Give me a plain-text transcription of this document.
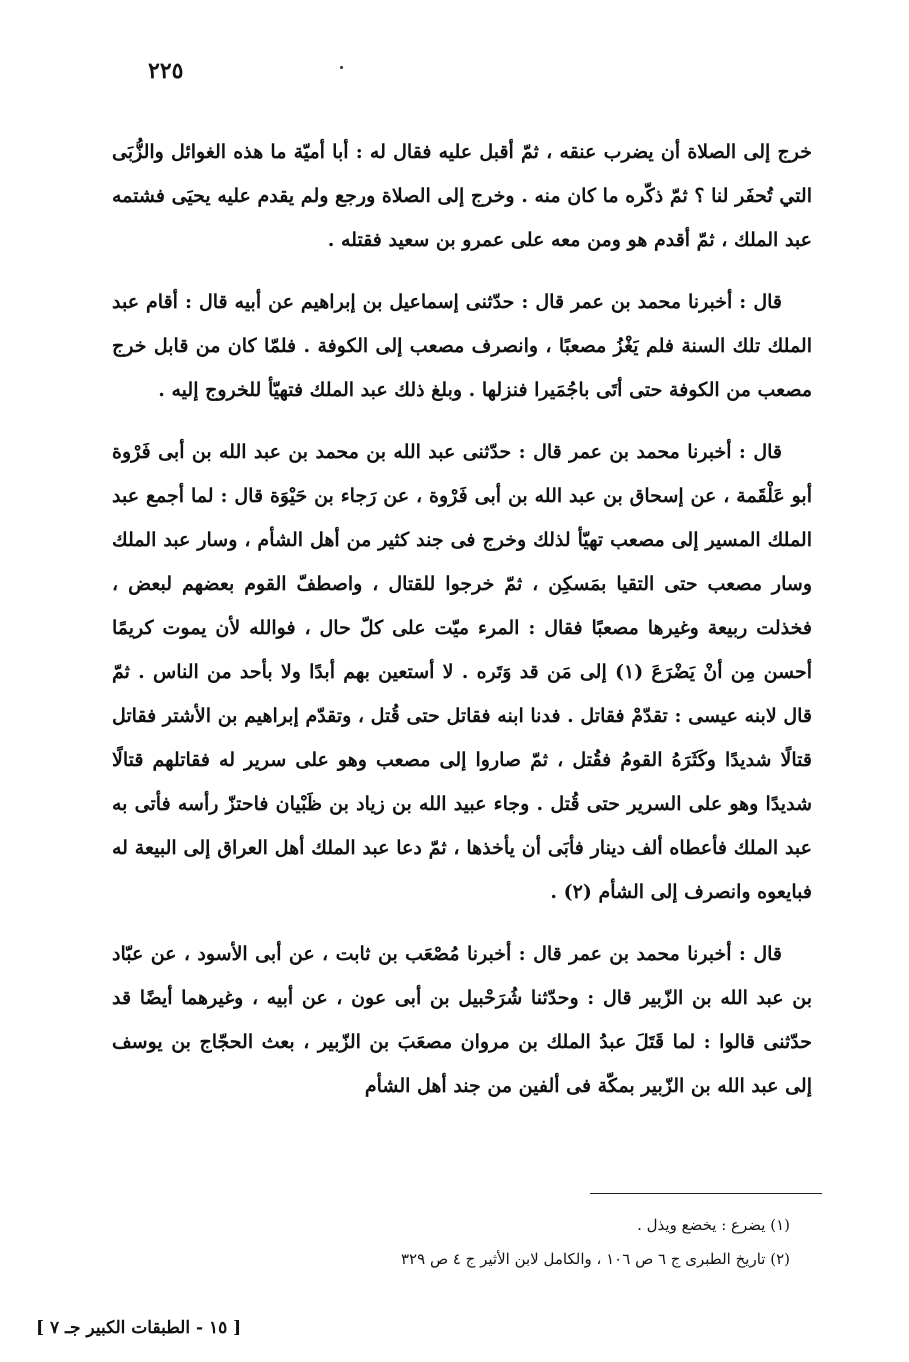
٢٢٥

خرج إلى الصلاة أن يضرب عنقه ، ثمّ أقبل عليه فقال له : أبا أميّة ما هذه الغوائل والزُّبَى التي تُحفَر لنا ؟ ثمّ ذكّره ما كان منه . وخرج إلى الصلاة ورجع ولم يقدم عليه يحيَى فشتمه عبد الملك ، ثمّ أقدم هو ومن معه على عمرو بن سعيد فقتله .

قال : أخبرنا محمد بن عمر قال : حدّثنى إسماعيل بن إبراهيم عن أبيه قال : أقام عبد الملك تلك السنة فلم يَغْزُ مصعبًا ، وانصرف مصعب إلى الكوفة . فلمّا كان من قابل خرج مصعب من الكوفة حتى أتَى باجُمَيرا فنزلها . وبلغ ذلك عبد الملك فتهيّأ للخروج إليه .

قال : أخبرنا محمد بن عمر قال : حدّثنى عبد الله بن محمد بن عبد الله بن أبى فَرْوة أبو عَلْقَمة ، عن إسحاق بن عبد الله بن أبى فَرْوة ، عن رَجاء بن حَيْوَة قال : لما أجمع عبد الملك المسير إلى مصعب تهيّأ لذلك وخرج فى جند كثير من أهل الشأم ، وسار عبد الملك وسار مصعب حتى التقيا بمَسكِن ، ثمّ خرجوا للقتال ، واصطفّ القوم بعضهم لبعض ، فخذلت ربيعة وغيرها مصعبًا فقال : المرء ميّت على كلّ حال ، فوالله لأن يموت كريمًا أحسن مِن أنْ يَضْرَعَ (١) إلى مَن قد وَتَره . لا أستعين بهم أبدًا ولا بأحد من الناس . ثمّ قال لابنه عيسى : تقدّمْ فقاتل . فدنا ابنه فقاتل حتى قُتل ، وتقدّم إبراهيم بن الأشتر فقاتل قتالًا شديدًا وكَثَرَهُ القومُ فقُتل ، ثمّ صاروا إلى مصعب وهو على سرير له فقاتلهم قتالًا شديدًا وهو على السرير حتى قُتل . وجاء عبيد الله بن زياد بن ظَبْيان فاحتزّ رأسه فأتى به عبد الملك فأعطاه ألف دينار فأبَى أن يأخذها ، ثمّ دعا عبد الملك أهل العراق إلى البيعة له فبايعوه وانصرف إلى الشأم (٢) .

قال : أخبرنا محمد بن عمر قال : أخبرنا مُصْعَب بن ثابت ، عن أبى الأسود ، عن عبّاد بن عبد الله بن الزّبير قال : وحدّثنا شُرَحْبيل بن أبى عون ، عن أبيه ، وغيرهما أيضًا قد حدّثنى قالوا : لما قَتَلَ عبدُ الملك بن مروان مصعَبَ بن الزّبير ، بعث الحجّاج بن يوسف إلى عبد الله بن الزّبير بمكّة فى ألفين من جند أهل الشأم

(١) يضرع : يخضع ويذل .

(٢) تاريخ الطبرى ج ٦ ص ١٠٦ ، والكامل لابن الأثير ج ٤ ص ٣٢٩

[ ١٥ - الطبقات الكبير جـ ٧ ]
